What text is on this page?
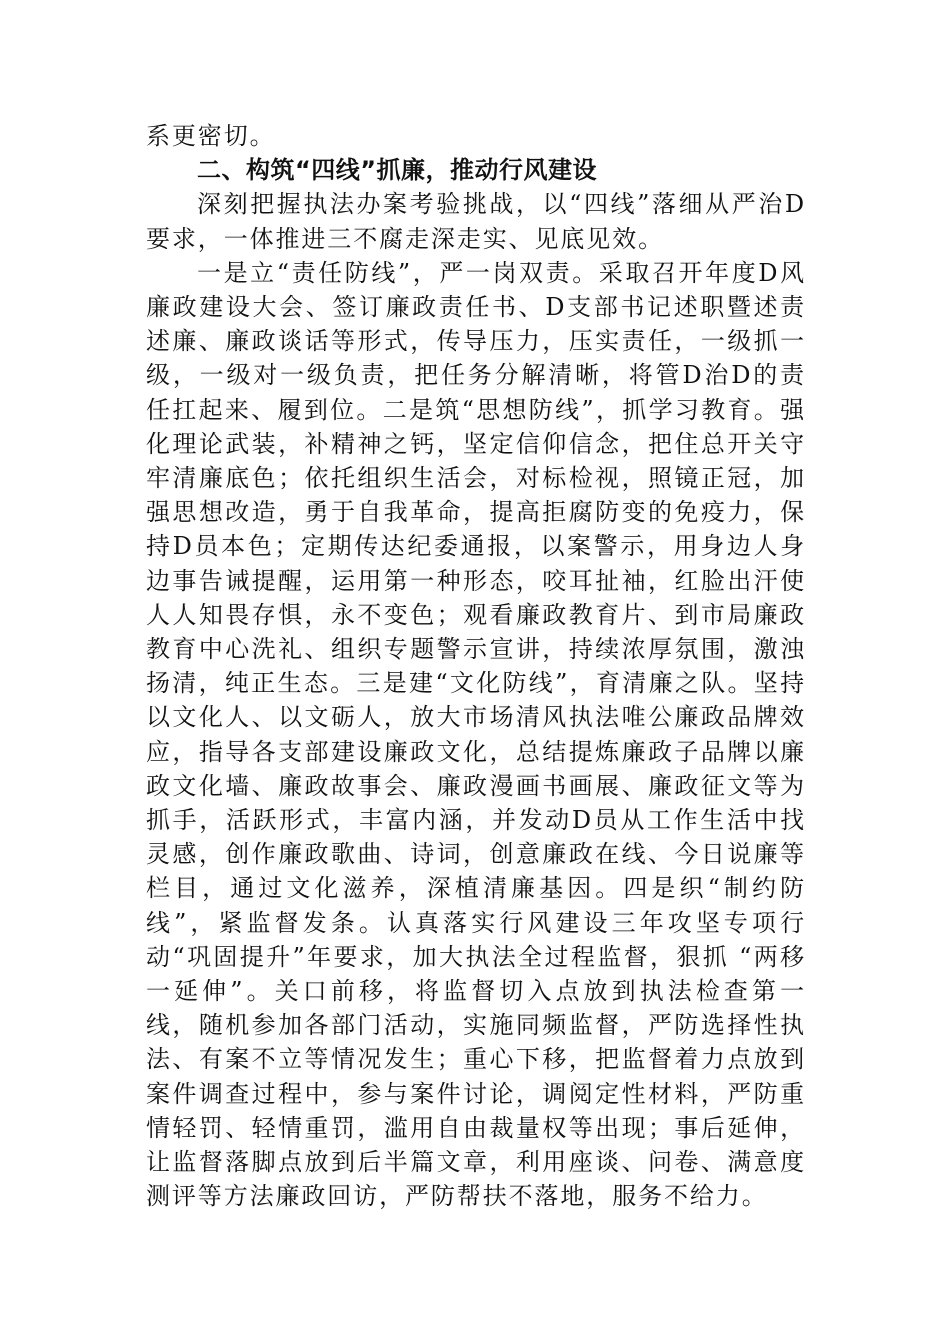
系更密切。

二、构筑“四线”抓廉，推动行风建设

深刻把握执法办案考验挑战，以“四线”落细从严治D要求，一体推进三不腐走深走实、见底见效。

一是立“责任防线”，严一岗双责。采取召开年度D风廉政建设大会、签订廉政责任书、D支部书记述职暨述责述廉、廉政谈话等形式，传导压力，压实责任，一级抓一级，一级对一级负责，把任务分解清晰，将管D治D的责任扛起来、履到位。二是筑“思想防线”，抓学习教育。强化理论武装，补精神之钙，坚定信仰信念，把住总开关守牢清廉底色；依托组织生活会，对标检视，照镜正冠，加强思想改造，勇于自我革命，提高拒腐防变的免疫力，保持D员本色；定期传达纪委通报，以案警示，用身边人身边事告诫提醒，运用第一种形态，咬耳扯袖，红脸出汗使人人知畏存惧，永不变色；观看廉政教育片、到市局廉政教育中心洗礼、组织专题警示宣讲，持续浓厚氛围，激浊扬清，纯正生态。三是建“文化防线”，育清廉之队。坚持以文化人、以文砺人，放大市场清风执法唯公廉政品牌效应，指导各支部建设廉政文化，总结提炼廉政子品牌以廉政文化墙、廉政故事会、廉政漫画书画展、廉政征文等为抓手，活跃形式，丰富内涵，并发动D员从工作生活中找灵感，创作廉政歌曲、诗词，创意廉政在线、今日说廉等栏目，通过文化滋养，深植清廉基因。四是织“制约防线”，紧监督发条。认真落实行风建设三年攻坚专项行动“巩固提升”年要求，加大执法全过程监督，狠抓 “两移一延伸”。关口前移，将监督切入点放到执法检查第一线，随机参加各部门活动，实施同频监督，严防选择性执法、有案不立等情况发生；重心下移，把监督着力点放到案件调查过程中，参与案件讨论，调阅定性材料，严防重情轻罚、轻情重罚，滥用自由裁量权等出现；事后延伸，让监督落脚点放到后半篇文章，利用座谈、问卷、满意度测评等方法廉政回访，严防帮扶不落地，服务不给力。
